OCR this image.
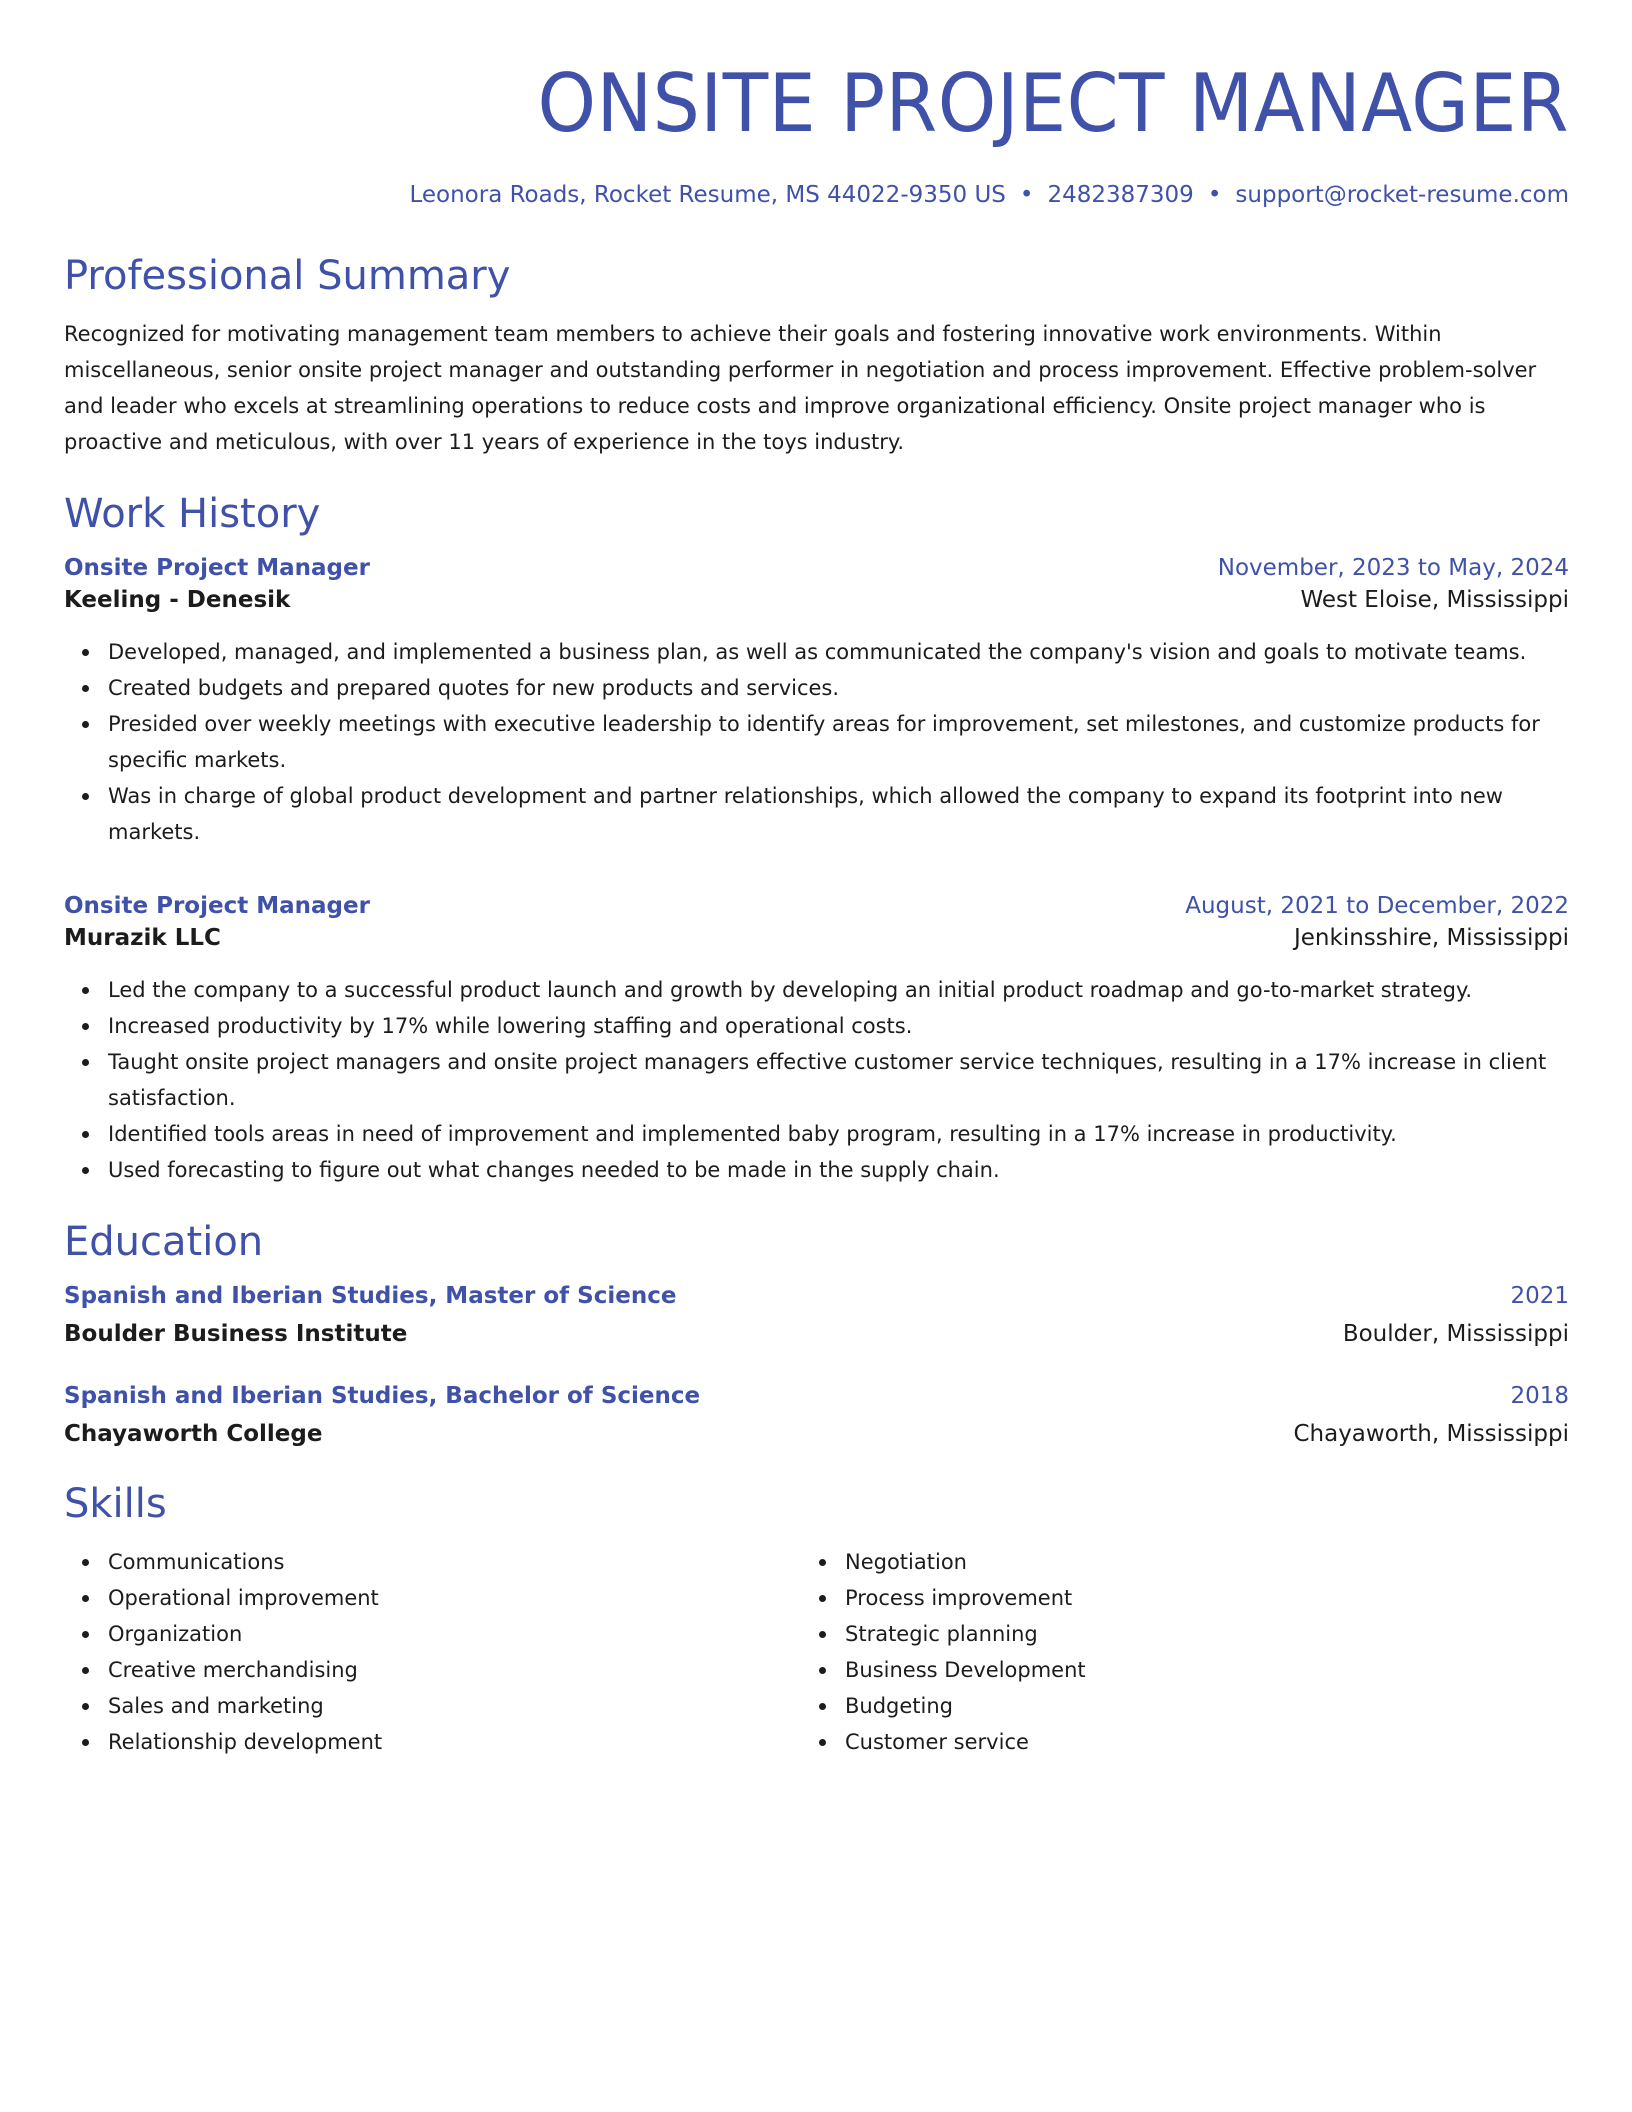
ONSITE PROJECT MANAGER
Leonora Roads, Rocket Resume, MS 44022-9350 US • 2482387309 • support@rocket-resume.com
Professional Summary
Recognized for motivating management team members to achieve their goals and fostering innovative work environments. Within miscellaneous, senior onsite project manager and outstanding performer in negotiation and process improvement. Effective problem-solver and leader who excels at streamlining operations to reduce costs and improve organizational efficiency. Onsite project manager who is proactive and meticulous, with over 11 years of experience in the toys industry.
Work History
Onsite Project Manager	November, 2023 to May, 2024
Keeling - Denesik	West Eloise, Mississippi
Developed, managed, and implemented a business plan, as well as communicated the company's vision and goals to motivate teams.
Created budgets and prepared quotes for new products and services.
Presided over weekly meetings with executive leadership to identify areas for improvement, set milestones, and customize products for specific markets.
Was in charge of global product development and partner relationships, which allowed the company to expand its footprint into new markets.
Onsite Project Manager	August, 2021 to December, 2022
Murazik LLC	Jenkinsshire, Mississippi
Led the company to a successful product launch and growth by developing an initial product roadmap and go-to-market strategy.
Increased productivity by 17% while lowering staffing and operational costs.
Taught onsite project managers and onsite project managers effective customer service techniques, resulting in a 17% increase in client satisfaction.
Identified tools areas in need of improvement and implemented baby program, resulting in a 17% increase in productivity.
Used forecasting to figure out what changes needed to be made in the supply chain.
Education
Spanish and Iberian Studies, Master of Science	2021
Boulder Business Institute	Boulder, Mississippi
Spanish and Iberian Studies, Bachelor of Science	2018
Chayaworth College	Chayaworth, Mississippi
Skills
Communications
Operational improvement
Organization
Creative merchandising
Sales and marketing
Relationship development
Negotiation
Process improvement
Strategic planning
Business Development
Budgeting
Customer service
